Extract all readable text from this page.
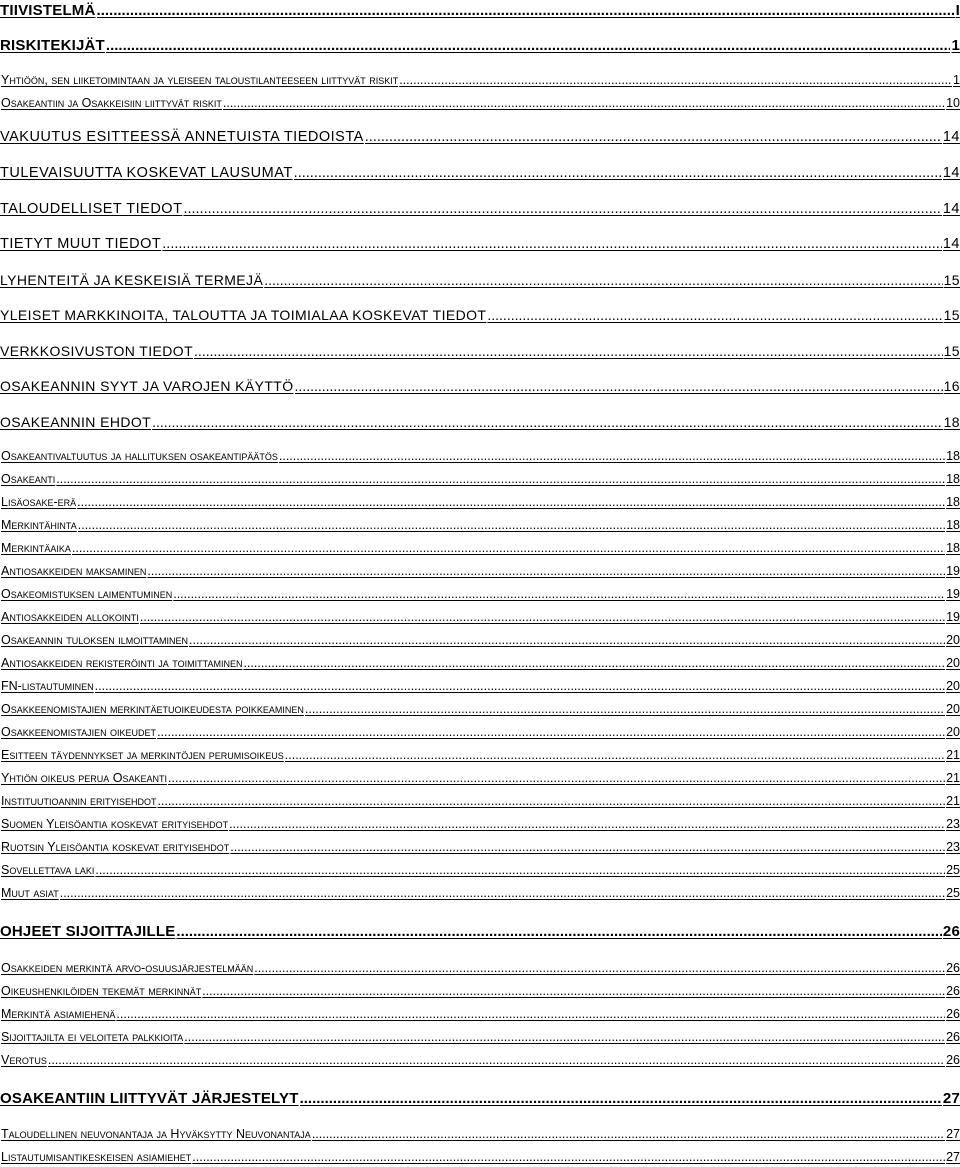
TIIVISTELMÄ .....	I
RISKITEKIJÄT .....	1
Yhtiöön, sen liiketoimintaan ja yleiseen taloustilanteeseen liittyvät riskit .....	1
Osakeantiin ja Osakkeisiin liittyvät riskit .....	10
VAKUUTUS ESITTEESSÄ ANNETUISTA TIEDOISTA .....	14
TULEVAISUUTTA KOSKEVAT LAUSUMAT .....	14
TALOUDELLISET TIEDOT .....	14
TIETYT MUUT TIEDOT .....	14
LYHENTEITÄ JA KESKEISIÄ TERMEJÄ .....	15
YLEISET MARKKINOITA, TALOUTTA JA TOIMIALAA KOSKEVAT TIEDOT .....	15
VERKKOSIVUSTON TIEDOT .....	15
OSAKEANNIN SYYT JA VAROJEN KÄYTTÖ .....	16
OSAKEANNIN EHDOT .....	18
Osakeantivaltuutus ja hallituksen osakeantipäätös .....	18
Osakeanti .....	18
Lisäosake-erä .....	18
Merkintähinta .....	18
Merkintäaika .....	18
Antiosakkeiden maksaminen .....	19
Osakeomistuksen laimentuminen .....	19
Antiosakkeiden allokointi .....	19
Osakeannin tuloksen ilmoittaminen .....	20
Antiosakkeiden rekisteröinti ja toimittaminen .....	20
FN-listautuminen .....	20
Osakkeenomistajien merkintäetuoikeudesta poikkeaminen .....	20
Osakkeenomistajien oikeudet .....	20
Esitteen täydennykset ja merkintöjen perumisoikeus .....	21
Yhtiön oikeus perua Osakeanti .....	21
Instituutioannin erityisehdot .....	21
Suomen Yleisöantia koskevat erityisehdot .....	23
Ruotsin Yleisöantia koskevat erityisehdot .....	23
Sovellettava laki .....	25
Muut asiat .....	25
OHJEET SIJOITTAJILLE .....	26
Osakkeiden merkintä arvo-osuusjärjestelmään .....	26
Oikeushenkilöiden tekemät merkinnät .....	26
Merkintä asiamiehenä .....	26
Sijoittajilta ei veloiteta palkkioita .....	26
Verotus .....	26
OSAKEANTIIN LIITTYVÄT JÄRJESTELYT .....	27
Taloudellinen neuvonantaja ja Hyväksytty Neuvonantaja .....	27
Listautumisantikeskeisen asiamiehet .....	27
